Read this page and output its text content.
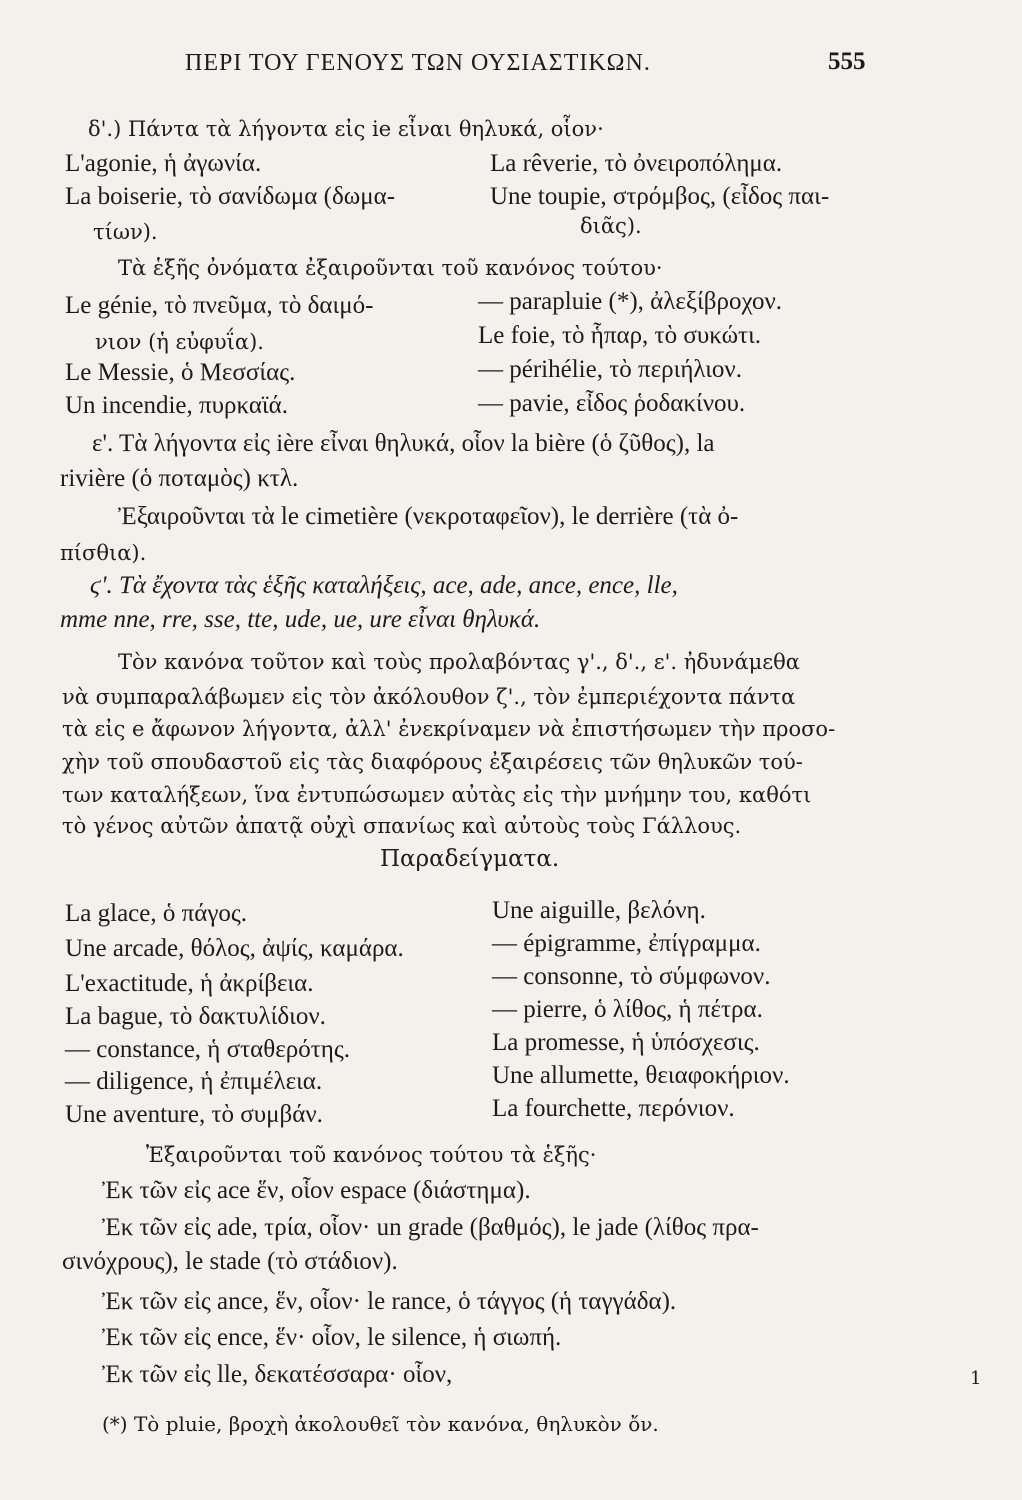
ΠΕΡΙ ΤΟΥ ΓΕΝΟΥΣ ΤΩΝ ΟΥΣΙΑΣΤΙΚΩΝ.	555
δ'.) Πάντα τὰ λήγοντα εἰς ie εἶναι θηλυκά, οἷον·
L'agonie, ἡ ἀγωνία.
La boiserie, τὸ σανίδωμα (δωμα-
τίων).
La rêverie, τὸ ὀνειροπόλημα.
Une toupie, στρόμβος, (εἶδος παι-
διᾶς).
Τὰ ἑξῆς ὀνόματα ἐξαιροῦνται τοῦ κανόνος τούτου·
Le génie, τὸ πνεῦμα, τὸ δαιμό-
νιον (ἡ εὐφυΐα).
Le Messie, ὁ Μεσσίας.
Un incendie, πυρκαϊά.
— parapluie (*), ἀλεξίβροχον.
Le foie, τὸ ἧπαρ, τὸ συκώτι.
— périhélie, τὸ περιήλιον.
— pavie, εἶδος ῥοδακίνου.
ε'. Τὰ λήγοντα εἰς ière εἶναι θηλυκά, οἷον la bière (ὁ ζῦθος), la
rivière (ὁ ποταμὸς) κτλ.
Ἐξαιροῦνται τὰ le cimetière (νεκροταφεῖον), le derrière (τὰ ὀ-
πίσθια).
ϛ'. Τὰ ἔχοντα τὰς ἑξῆς καταλήξεις, ace, ade, ance, ence, lle,
mme nne, rre, sse, tte, ude, ue, ure εἶναι θηλυκά.
Τὸν κανόνα τοῦτον καὶ τοὺς προλαβόντας γ'., δ'., ε'. ἠδυνάμεθα
νὰ συμπαραλάβωμεν εἰς τὸν ἀκόλουθον ζ'., τὸν ἐμπεριέχοντα πάντα
τὰ εἰς e ἄφωνον λήγοντα, ἀλλ' ἐνεκρίναμεν νὰ ἐπιστήσωμεν τὴν προσο-
χὴν τοῦ σπουδαστοῦ εἰς τὰς διαφόρους ἐξαιρέσεις τῶν θηλυκῶν τού-
των καταλήξεων, ἵνα ἐντυπώσωμεν αὐτὰς εἰς τὴν μνήμην του, καθότι
τὸ γένος αὐτῶν ἀπατᾷ οὐχὶ σπανίως καὶ αὐτοὺς τοὺς Γάλλους.
Παραδείγματα.
La glace, ὁ πάγος.
Une arcade, θόλος, ἀψίς, καμάρα.
L'exactitude, ἡ ἀκρίβεια.
La bague, τὸ δακτυλίδιον.
— constance, ἡ σταθερότης.
— diligence, ἡ ἐπιμέλεια.
Une aventure, τὸ συμβάν.
Une aiguille, βελόνη.
— épigramme, ἐπίγραμμα.
— consonne, τὸ σύμφωνον.
— pierre, ὁ λίθος, ἡ πέτρα.
La promesse, ἡ ὑπόσχεσις.
Une allumette, θειαφοκήριον.
La fourchette, περόνιον.
Ἐξαιροῦνται τοῦ κανόνος τούτου τὰ ἑξῆς·
Ἐκ τῶν εἰς ace ἕν, οἷον espace (διάστημα).
Ἐκ τῶν εἰς ade, τρία, οἷον· un grade (βαθμός), le jade (λίθος πρα-
σινόχρους), le stade (τὸ στάδιον).
Ἐκ τῶν εἰς ance, ἕν, οἷον· le rance, ὁ τάγγος (ἡ ταγγάδα).
Ἐκ τῶν εἰς ence, ἕν· οἷον, le silence, ἡ σιωπή.
Ἐκ τῶν εἰς lle, δεκατέσσαρα· οἷον,	1
(*) Τὸ pluie, βροχὴ ἀκολουθεῖ τὸν κανόνα, θηλυκὸν ὄν.
